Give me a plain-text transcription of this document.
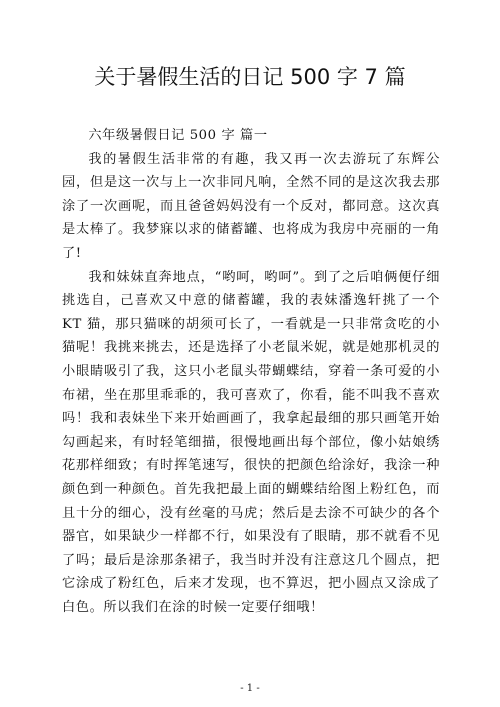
关于暑假生活的日记 500 字 7 篇

六年级暑假日记 500 字 篇一

我的暑假生活非常的有趣，我又再一次去游玩了东辉公园，但是这一次与上一次非同凡响，全然不同的是这次我去那涂了一次画呢，而且爸爸妈妈没有一个反对，都同意。这次真是太棒了。我梦寐以求的储蓄罐、也将成为我房中亮丽的一角了!

我和妹妹直奔地点，“哟呵，哟呵”。到了之后咱俩便仔细挑选自，己喜欢又中意的储蓄罐，我的表妹潘逸轩挑了一个 KT 猫，那只猫咪的胡须可长了，一看就是一只非常贪吃的小猫呢！我挑来挑去，还是选择了小老鼠米妮，就是她那机灵的小眼睛吸引了我，这只小老鼠头带蝴蝶结，穿着一条可爱的小布裙，坐在那里乖乖的，我可喜欢了，你看，能不叫我不喜欢吗！我和表妹坐下来开始画画了，我拿起最细的那只画笔开始勾画起来，有时轻笔细描，很慢地画出每个部位，像小姑娘绣花那样细致；有时挥笔速写，很快的把颜色给涂好，我涂一种颜色到一种颜色。首先我把最上面的蝴蝶结给图上粉红色，而且十分的细心，没有丝毫的马虎；然后是去涂不可缺少的各个器官，如果缺少一样都不行，如果没有了眼睛，那不就看不见了吗；最后是涂那条裙子，我当时并没有注意这几个圆点，把它涂成了粉红色，后来才发现，也不算迟，把小圆点又涂成了白色。所以我们在涂的时候一定要仔细哦！

- 1 -
